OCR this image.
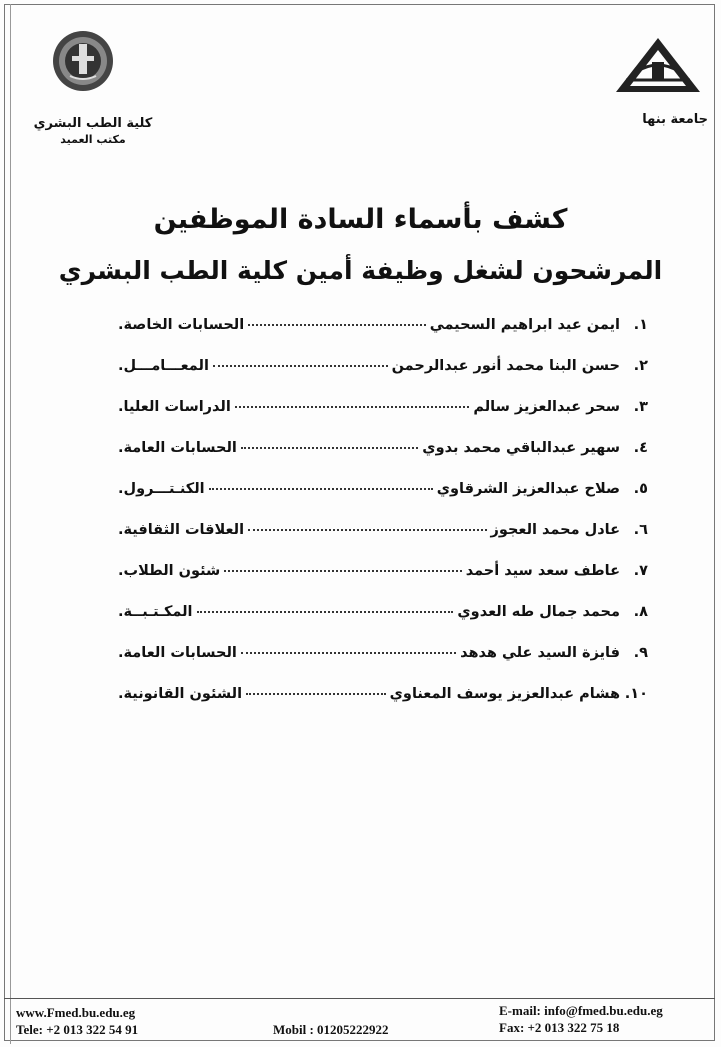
كلية الطب البشري
مكتب العميد
جامعة بنها
كشف بأسماء السادة الموظفين
المرشحون لشغل وظيفة أمين كلية الطب البشري
١.
ايمن عيد ابراهيم السحيمي
الحسابات الخاصة.
٢.
حسن البنا محمد أنور عبدالرحمن
المعـــامـــل.
٣.
سحر عبدالعزيز سالم
الدراسات العليا.
٤.
سهير عبدالباقي محمد بدوي
الحسابات العامة.
٥.
صلاح عبدالعزيز الشرقاوي
الكنـتـــرول.
٦.
عادل محمد العجوز
العلاقات الثقافية.
٧.
عاطف سعد سيد أحمد
شئون الطلاب.
٨.
محمد جمال طه العدوي
المكـتـبــة.
٩.
فايزة السيد علي هدهد
الحسابات العامة.
١٠.
هشام عبدالعزيز يوسف المعناوي
الشئون القانونية.
www.Fmed.bu.edu.eg
Tele: +2 013 322 54 91	Mobil : 01205222922
E-mail: info@fmed.bu.edu.eg
Fax: +2 013 322 75 18
